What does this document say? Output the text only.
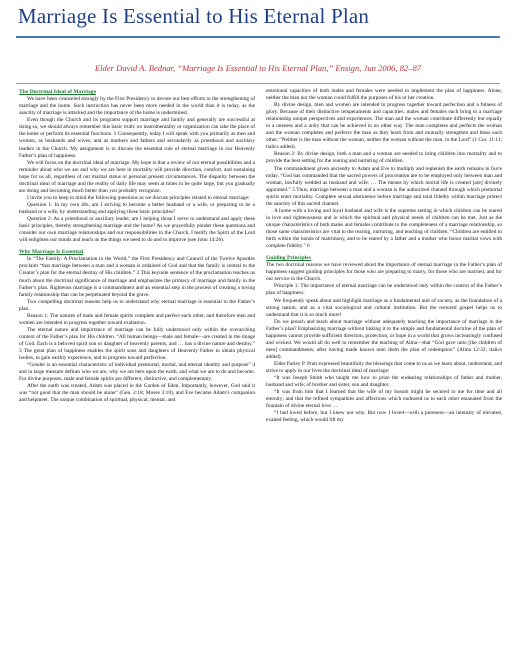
Marriage Is Essential to His Eternal Plan
Elder David A. Bednar, “Marriage Is Essential to His Eternal Plan,” Ensign, Jun 2006, 82–87
The Doctrinal Ideal of Marriage

We have been counseled strongly by the First Presidency to devote our best efforts to the strengthening of marriage and the home. Such instruction has never been more needed in the world than it is today, as the sanctity of marriage is attacked and the importance of the home is undermined.

Even though the Church and its programs support marriage and family and generally are successful at doing so, we should always remember this basic truth: no instrumentality or organization can take the place of the home or perform its essential functions. 1 Consequently, today I will speak with you primarily as men and women, as husbands and wives, and as mothers and fathers and secondarily as priesthood and auxiliary leaders in the Church. My assignment is to discuss the essential role of eternal marriage in our Heavenly Father’s plan of happiness.

We will focus on the doctrinal ideal of marriage. My hope is that a review of our eternal possibilities and a reminder about who we are and why we are here in mortality will provide direction, comfort, and sustaining hope for us all, regardless of our marital status or personal present circumstances. The disparity between the doctrinal ideal of marriage and the reality of daily life may seem at times to be quite large, but you gradually are doing and becoming much better than you probably recognize.

I invite you to keep in mind the following questions as we discuss principles related to eternal marriage:

Question 1: In my own life, am I striving to become a better husband or a wife, or preparing to be a husband or a wife, by understanding and applying these basic principles?

Question 2: As a priesthood or auxiliary leader, am I helping those I serve to understand and apply these basic principles, thereby strengthening marriage and the home? As we prayerfully ponder these questions and consider our own marriage relationships and our responsibilities in the Church, I testify the Spirit of the Lord will enlighten our minds and teach us the things we need to do and to improve (see John 14:26).

Why Marriage Is Essential

In “The Family: A Proclamation to the World,” the First Presidency and Council of the Twelve Apostles proclaim “that marriage between a man and a woman is ordained of God and that the family is central to the Creator’s plan for the eternal destiny of His children.” 2 This keynote sentence of the proclamation teaches us much about the doctrinal significance of marriage and emphasizes the primacy of marriage and family in the Father’s plan. Righteous marriage is a commandment and an essential step in the process of creating a loving family relationship that can be perpetuated beyond the grave.

Two compelling doctrinal reasons help us to understand why eternal marriage is essential to the Father’s plan.

Reason 1: The natures of male and female spirits complete and perfect each other, and therefore men and women are intended to progress together toward exaltation.

The eternal nature and importance of marriage can be fully understood only within the overarching context of the Father’s plan for His children. “All human beings—male and female—are created in the image of God. Each is a beloved spirit son or daughter of heavenly parents, and … has a divine nature and destiny.” 3 The great plan of happiness enables the spirit sons and daughters of Heavenly Father to obtain physical bodies, to gain earthly experience, and to progress toward perfection.

“Gender is an essential characteristic of individual premortal, mortal, and eternal identity and purpose” 4 and in large measure defines who we are, why we are here upon the earth, and what we are to do and become. For divine purposes, male and female spirits are different, distinctive, and complementary.

After the earth was created, Adam was placed in the Garden of Eden. Importantly, however, God said it was “not good that the man should be alone” (Gen. 2:18; Moses 3:18), and Eve became Adam’s companion and helpmeet. The unique combination of spiritual, physical, mental, and

emotional capacities of both males and females were needed to implement the plan of happiness. Alone, neither the man nor the woman could fulfill the purposes of his or her creation.

By divine design, men and women are intended to progress together toward perfection and a fulness of glory. Because of their distinctive temperaments and capacities, males and females each bring to a marriage relationship unique perspectives and experiences. The man and the woman contribute differently but equally to a oneness and a unity that can be achieved in no other way. The man completes and perfects the woman and the woman completes and perfects the man as they learn from and mutually strengthen and bless each other. “Neither is the man without the woman, neither the woman without the man, in the Lord” (1 Cor. 11:11; italics added).

Reason 2: By divine design, both a man and a woman are needed to bring children into mortality and to provide the best setting for the rearing and nurturing of children.

The commandment given anciently to Adam and Eve to multiply and replenish the earth remains in force today. “God has commanded that the sacred powers of procreation are to be employed only between man and woman, lawfully wedded as husband and wife. … The means by which mortal life is created [are] divinely appointed.” 5 Thus, marriage between a man and a woman is the authorized channel through which premortal spirits enter mortality. Complete sexual abstinence before marriage and total fidelity within marriage protect the sanctity of this sacred channel.

A home with a loving and loyal husband and wife is the supreme setting in which children can be reared in love and righteousness and in which the spiritual and physical needs of children can be met. Just as the unique characteristics of both males and females contribute to the completeness of a marriage relationship, so those same characteristics are vital to the rearing, nurturing, and teaching of children. “Children are entitled to birth within the bonds of matrimony, and to be reared by a father and a mother who honor marital vows with complete fidelity.” 6

Guiding Principles

The two doctrinal reasons we have reviewed about the importance of eternal marriage in the Father’s plan of happiness suggest guiding principles for those who are preparing to marry, for those who are married, and for our service in the Church.

Principle 1: The importance of eternal marriage can be understood only within the context of the Father’s plan of happiness.

We frequently speak about and highlight marriage as a fundamental unit of society, as the foundation of a strong nation, and as a vital sociological and cultural institution. But the restored gospel helps us to understand that it is so much more!

Do we preach and teach about marriage without adequately teaching the importance of marriage in the Father’s plan? Emphasizing marriage without linking it to the simple and fundamental doctrine of the plan of happiness cannot provide sufficient direction, protection, or hope in a world that grows increasingly confused and wicked. We would all do well to remember the teaching of Alma—that “God gave unto [the children of men] commandments, after having made known unto them the plan of redemption” (Alma 12:32; italics added).

Elder Parley P. Pratt expressed beautifully the blessings that come to us as we learn about, understand, and strive to apply in our lives the doctrinal ideal of marriage:

“It was Joseph Smith who taught me how to prize the endearing relationships of father and mother, husband and wife; of brother and sister, son and daughter.

“It was from him that I learned that the wife of my bosom might be secured to me for time and all eternity; and that the refined sympathies and affections which endeared us to each other emanated from the fountain of divine eternal love. …

“I had loved before, but I knew not why. But now I loved—with a pureness—an intensity of elevated, exalted feeling, which would lift my
